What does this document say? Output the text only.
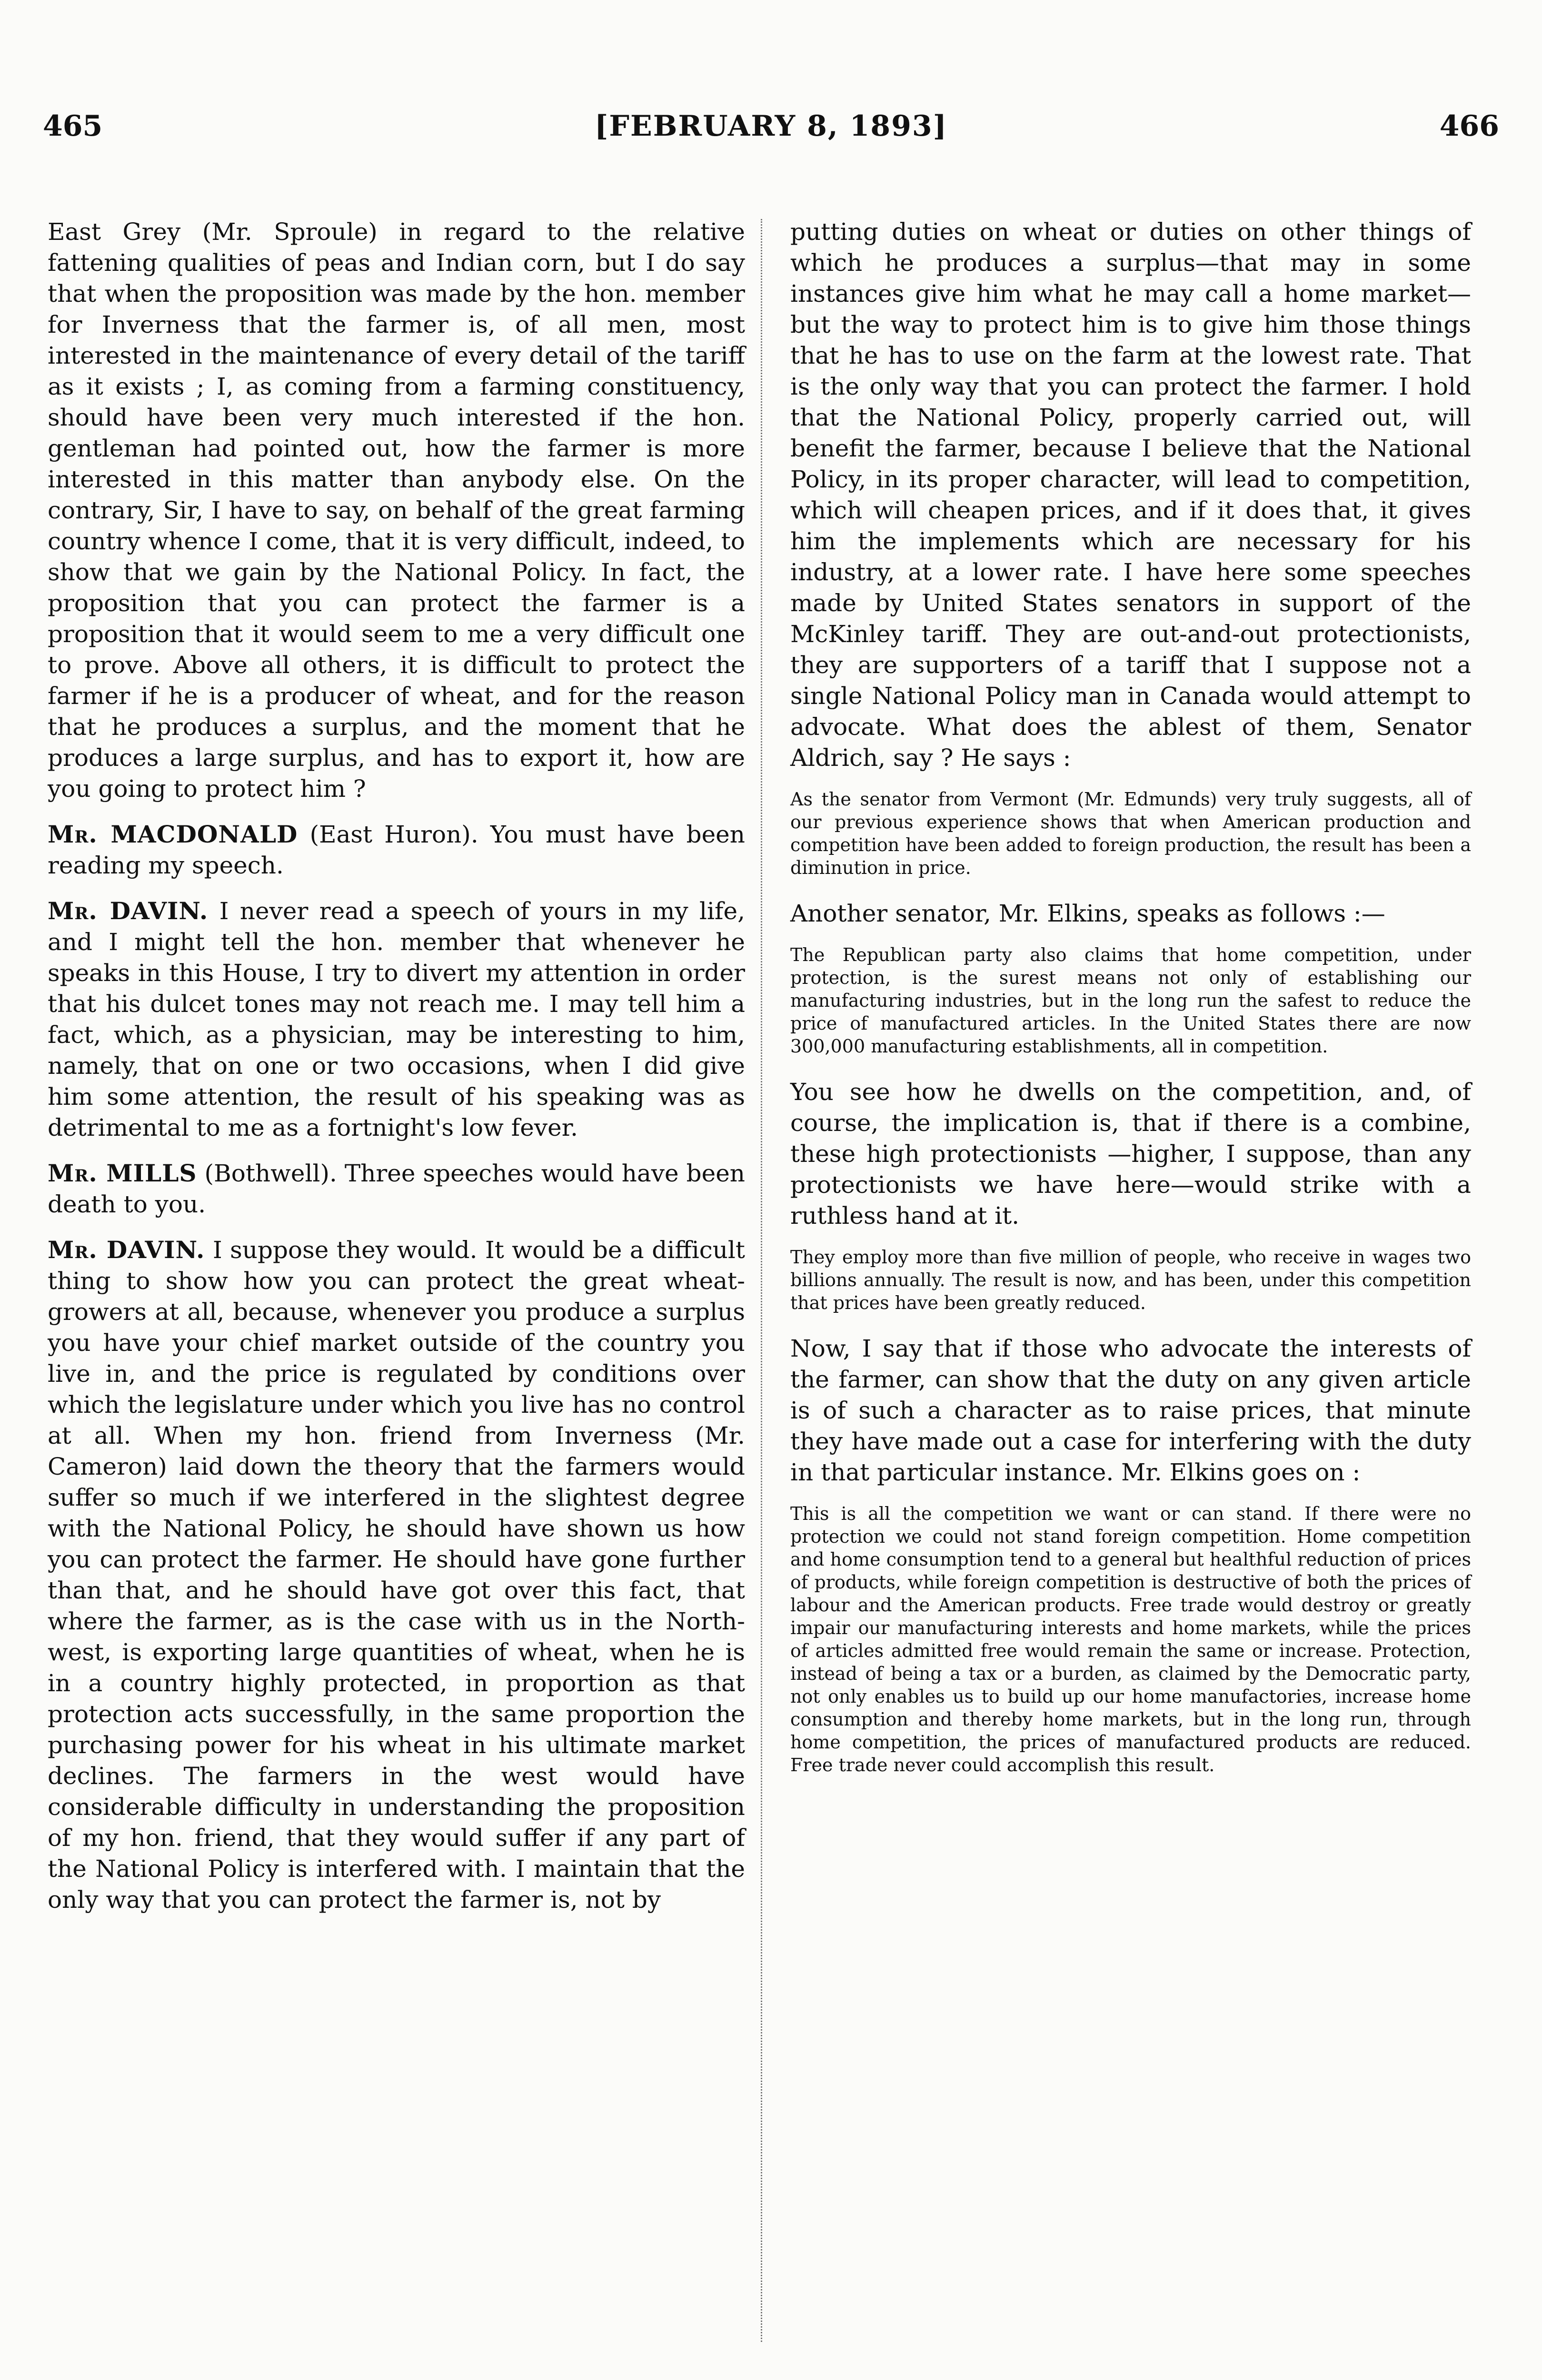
465	[FEBRUARY 8, 1893]	466

East Grey (Mr. Sproule) in regard to the relative fattening qualities of peas and Indian corn, but I do say that when the proposition was made by the hon. member for Inverness that the farmer is, of all men, most interested in the maintenance of every detail of the tariff as it exists ; I, as coming from a farming constituency, should have been very much interested if the hon. gentleman had pointed out, how the farmer is more interested in this matter than anybody else. On the contrary, Sir, I have to say, on behalf of the great farming country whence I come, that it is very difficult, indeed, to show that we gain by the National Policy. In fact, the proposition that you can protect the farmer is a proposition that it would seem to me a very difficult one to prove. Above all others, it is difficult to protect the farmer if he is a producer of wheat, and for the reason that he produces a surplus, and the moment that he produces a large surplus, and has to export it, how are you going to protect him ?

Mr. MACDONALD (East Huron). You must have been reading my speech.

Mr. DAVIN. I never read a speech of yours in my life, and I might tell the hon. member that whenever he speaks in this House, I try to divert my attention in order that his dulcet tones may not reach me. I may tell him a fact, which, as a physician, may be interesting to him, namely, that on one or two occasions, when I did give him some attention, the result of his speaking was as detrimental to me as a fortnight's low fever.

Mr. MILLS (Bothwell). Three speeches would have been death to you.

Mr. DAVIN. I suppose they would. It would be a difficult thing to show how you can protect the great wheat-growers at all, because, whenever you produce a surplus you have your chief market outside of the country you live in, and the price is regulated by conditions over which the legislature under which you live has no control at all. When my hon. friend from Inverness (Mr. Cameron) laid down the theory that the farmers would suffer so much if we interfered in the slightest degree with the National Policy, he should have shown us how you can protect the farmer. He should have gone further than that, and he should have got over this fact, that where the farmer, as is the case with us in the North-west, is exporting large quantities of wheat, when he is in a country highly protected, in proportion as that protection acts successfully, in the same proportion the purchasing power for his wheat in his ultimate market declines. The farmers in the west would have considerable difficulty in understanding the proposition of my hon. friend, that they would suffer if any part of the National Policy is interfered with. I maintain that the only way that you can protect the farmer is, not by

putting duties on wheat or duties on other things of which he produces a surplus—that may in some instances give him what he may call a home market—but the way to protect him is to give him those things that he has to use on the farm at the lowest rate. That is the only way that you can protect the farmer. I hold that the National Policy, properly carried out, will benefit the farmer, because I believe that the National Policy, in its proper character, will lead to competition, which will cheapen prices, and if it does that, it gives him the implements which are necessary for his industry, at a lower rate. I have here some speeches made by United States senators in support of the McKinley tariff. They are out-and-out protectionists, they are supporters of a tariff that I suppose not a single National Policy man in Canada would attempt to advocate. What does the ablest of them, Senator Aldrich, say ? He says :

As the senator from Vermont (Mr. Edmunds) very truly suggests, all of our previous experience shows that when American production and competition have been added to foreign production, the result has been a diminution in price.

Another senator, Mr. Elkins, speaks as follows :—

The Republican party also claims that home competition, under protection, is the surest means not only of establishing our manufacturing industries, but in the long run the safest to reduce the price of manufactured articles. In the United States there are now 300,000 manufacturing establishments, all in competition.

You see how he dwells on the competition, and, of course, the implication is, that if there is a combine, these high protectionists —higher, I suppose, than any protectionists we have here—would strike with a ruthless hand at it.

They employ more than five million of people, who receive in wages two billions annually. The result is now, and has been, under this competition that prices have been greatly reduced.

Now, I say that if those who advocate the interests of the farmer, can show that the duty on any given article is of such a character as to raise prices, that minute they have made out a case for interfering with the duty in that particular instance. Mr. Elkins goes on :

This is all the competition we want or can stand. If there were no protection we could not stand foreign competition. Home competition and home consumption tend to a general but healthful reduction of prices of products, while foreign competition is destructive of both the prices of labour and the American products. Free trade would destroy or greatly impair our manufacturing interests and home markets, while the prices of articles admitted free would remain the same or increase. Protection, instead of being a tax or a burden, as claimed by the Democratic party, not only enables us to build up our home manufactories, increase home consumption and thereby home markets, but in the long run, through home competition, the prices of manufactured products are reduced. Free trade never could accomplish this result.
